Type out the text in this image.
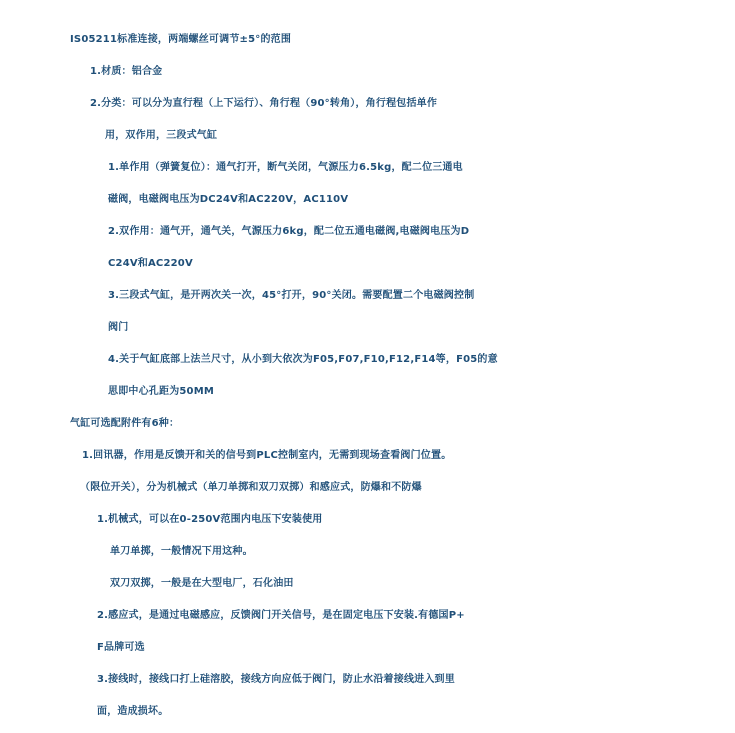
IS05211标准连接，两端螺丝可调节±5°的范围
1.材质：铝合金
2.分类：可以分为直行程（上下运行）、角行程（90°转角），角行程包括单作
用，双作用，三段式气缸
1.单作用（弹簧复位）：通气打开，断气关闭，气源压力6.5kg，配二位三通电
磁阀，电磁阀电压为DC24V和AC220V，AC110V
2.双作用：通气开，通气关，气源压力6kg，配二位五通电磁阀,电磁阀电压为D
C24V和AC220V
3.三段式气缸，是开两次关一次，45°打开，90°关闭。需要配置二个电磁阀控制
阀门
4.关于气缸底部上法兰尺寸，从小到大依次为F05,F07,F10,F12,F14等，F05的意
思即中心孔距为50MM
气缸可选配附件有6种：
1.回讯器，作用是反馈开和关的信号到PLC控制室内，无需到现场查看阀门位置。
（限位开关），分为机械式（单刀单掷和双刀双掷）和感应式，防爆和不防爆
1.机械式，可以在0-250V范围内电压下安装使用
单刀单掷，一般情况下用这种。
双刀双掷，一般是在大型电厂，石化油田
2.感应式，是通过电磁感应，反馈阀门开关信号，是在固定电压下安装.有德国P+
F品牌可选
3.接线时，接线口打上硅溶胶，接线方向应低于阀门，防止水沿着接线进入到里
面，造成损坏。
